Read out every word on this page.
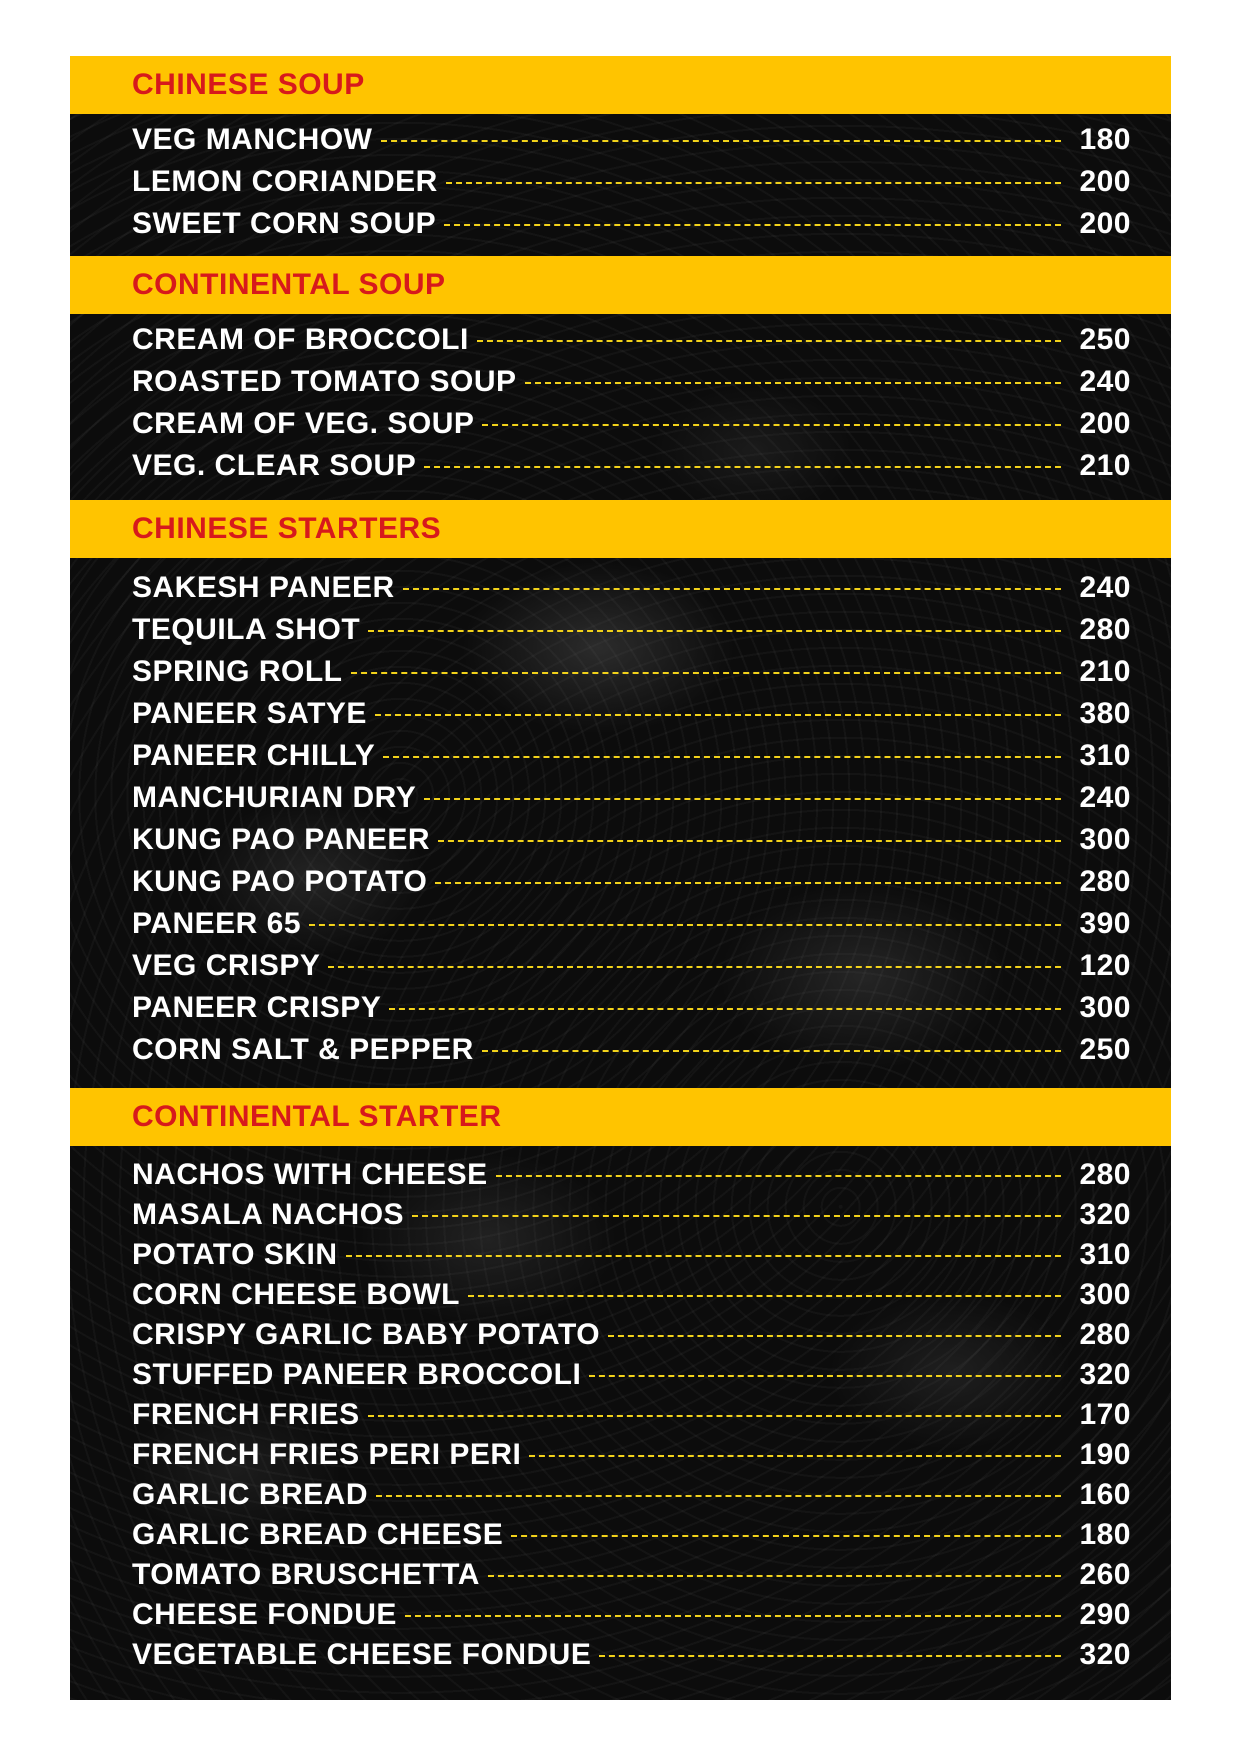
CHINESE SOUP
VEG MANCHOW	180
LEMON CORIANDER	200
SWEET CORN SOUP	200
CONTINENTAL SOUP
CREAM OF BROCCOLI	250
ROASTED TOMATO SOUP	240
CREAM OF VEG. SOUP	200
VEG. CLEAR SOUP	210
CHINESE STARTERS
SAKESH PANEER	240
TEQUILA SHOT	280
SPRING ROLL	210
PANEER SATYE	380
PANEER CHILLY	310
MANCHURIAN DRY	240
KUNG PAO PANEER	300
KUNG PAO POTATO	280
PANEER 65	390
VEG CRISPY	120
PANEER CRISPY	300
CORN SALT & PEPPER	250
CONTINENTAL STARTER
NACHOS WITH CHEESE	280
MASALA NACHOS	320
POTATO SKIN	310
CORN CHEESE BOWL	300
CRISPY GARLIC BABY POTATO	280
STUFFED PANEER BROCCOLI	320
FRENCH FRIES	170
FRENCH FRIES PERI PERI	190
GARLIC BREAD	160
GARLIC BREAD CHEESE	180
TOMATO BRUSCHETTA	260
CHEESE FONDUE	290
VEGETABLE CHEESE FONDUE	320
